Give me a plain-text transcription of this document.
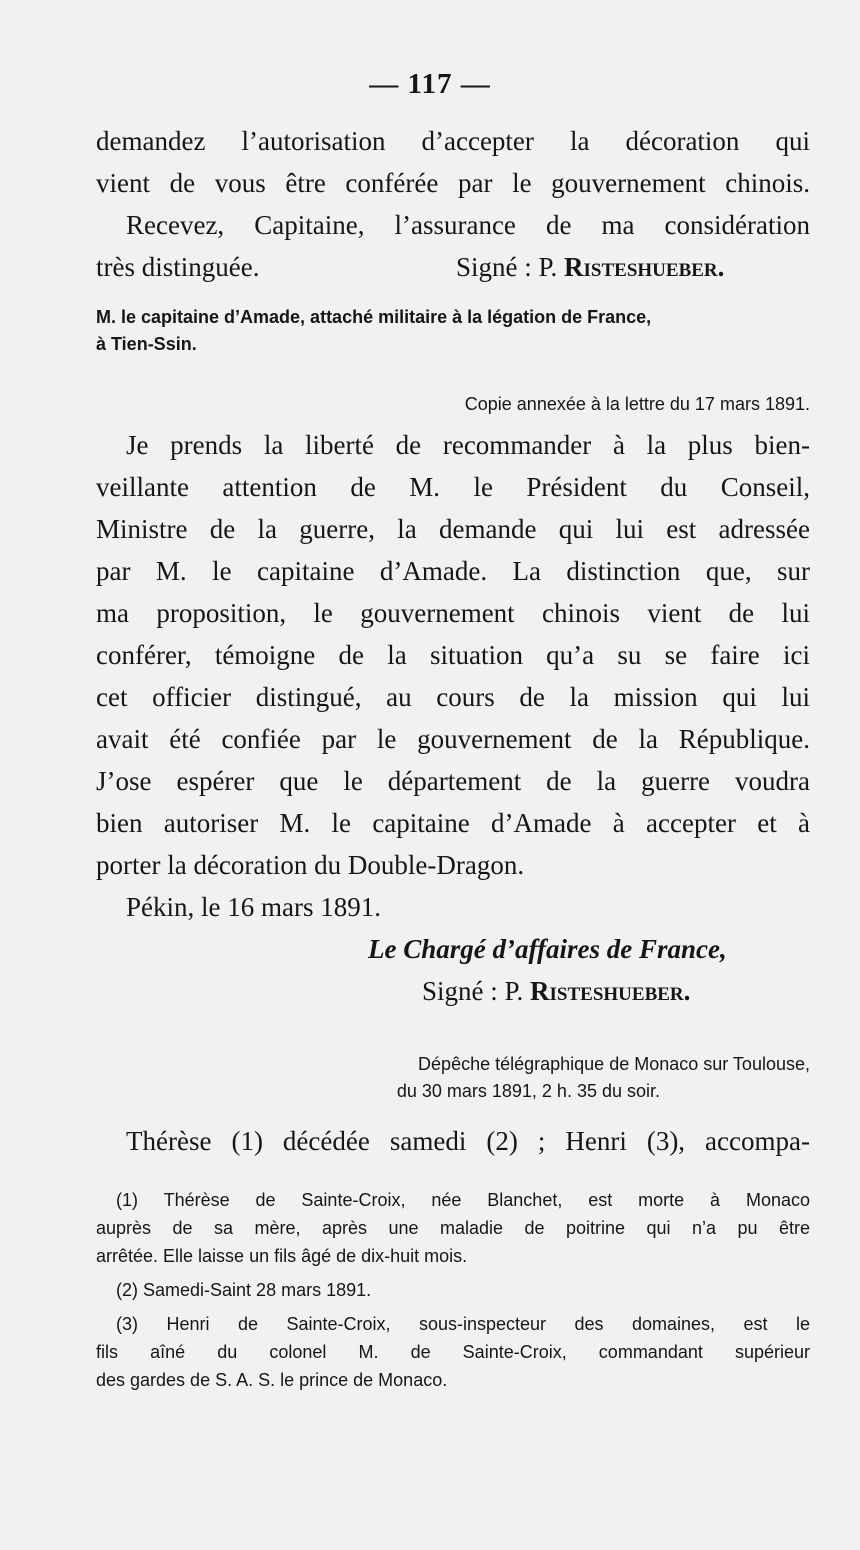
— 117 —
demandez l’autorisation d’accepter la décoration qui
vient de vous être conférée par le gouvernement chinois.
Recevez, Capitaine, l’assurance de ma considération
très distinguée.	Signé : P. Risteshueber.
M. le capitaine d’Amade, attaché militaire à la légation de France,
à Tien-Ssin.
Copie annexée à la lettre du 17 mars 1891.
Je prends la liberté de recommander à la plus bien-
veillante attention de M. le Président du Conseil,
Ministre de la guerre, la demande qui lui est adressée
par M. le capitaine d’Amade. La distinction que, sur
ma proposition, le gouvernement chinois vient de lui
conférer, témoigne de la situation qu’a su se faire ici
cet officier distingué, au cours de la mission qui lui
avait été confiée par le gouvernement de la République.
J’ose espérer que le département de la guerre voudra
bien autoriser M. le capitaine d’Amade à accepter et à
porter la décoration du Double-Dragon.
Pékin, le 16 mars 1891.
Le Chargé d’affaires de France,
Signé : P. Risteshueber.
Dépêche télégraphique de Monaco sur Toulouse,
du 30 mars 1891, 2 h. 35 du soir.
Thérèse (1) décédée samedi (2) ; Henri (3), accompa-
(1) Thérèse de Sainte-Croix, née Blanchet, est morte à Monaco
auprès de sa mère, après une maladie de poitrine qui n’a pu être
arrêtée. Elle laisse un fils âgé de dix-huit mois.
(2) Samedi-Saint 28 mars 1891.
(3) Henri de Sainte-Croix, sous-inspecteur des domaines, est le
fils aîné du colonel M. de Sainte-Croix, commandant supérieur
des gardes de S. A. S. le prince de Monaco.
